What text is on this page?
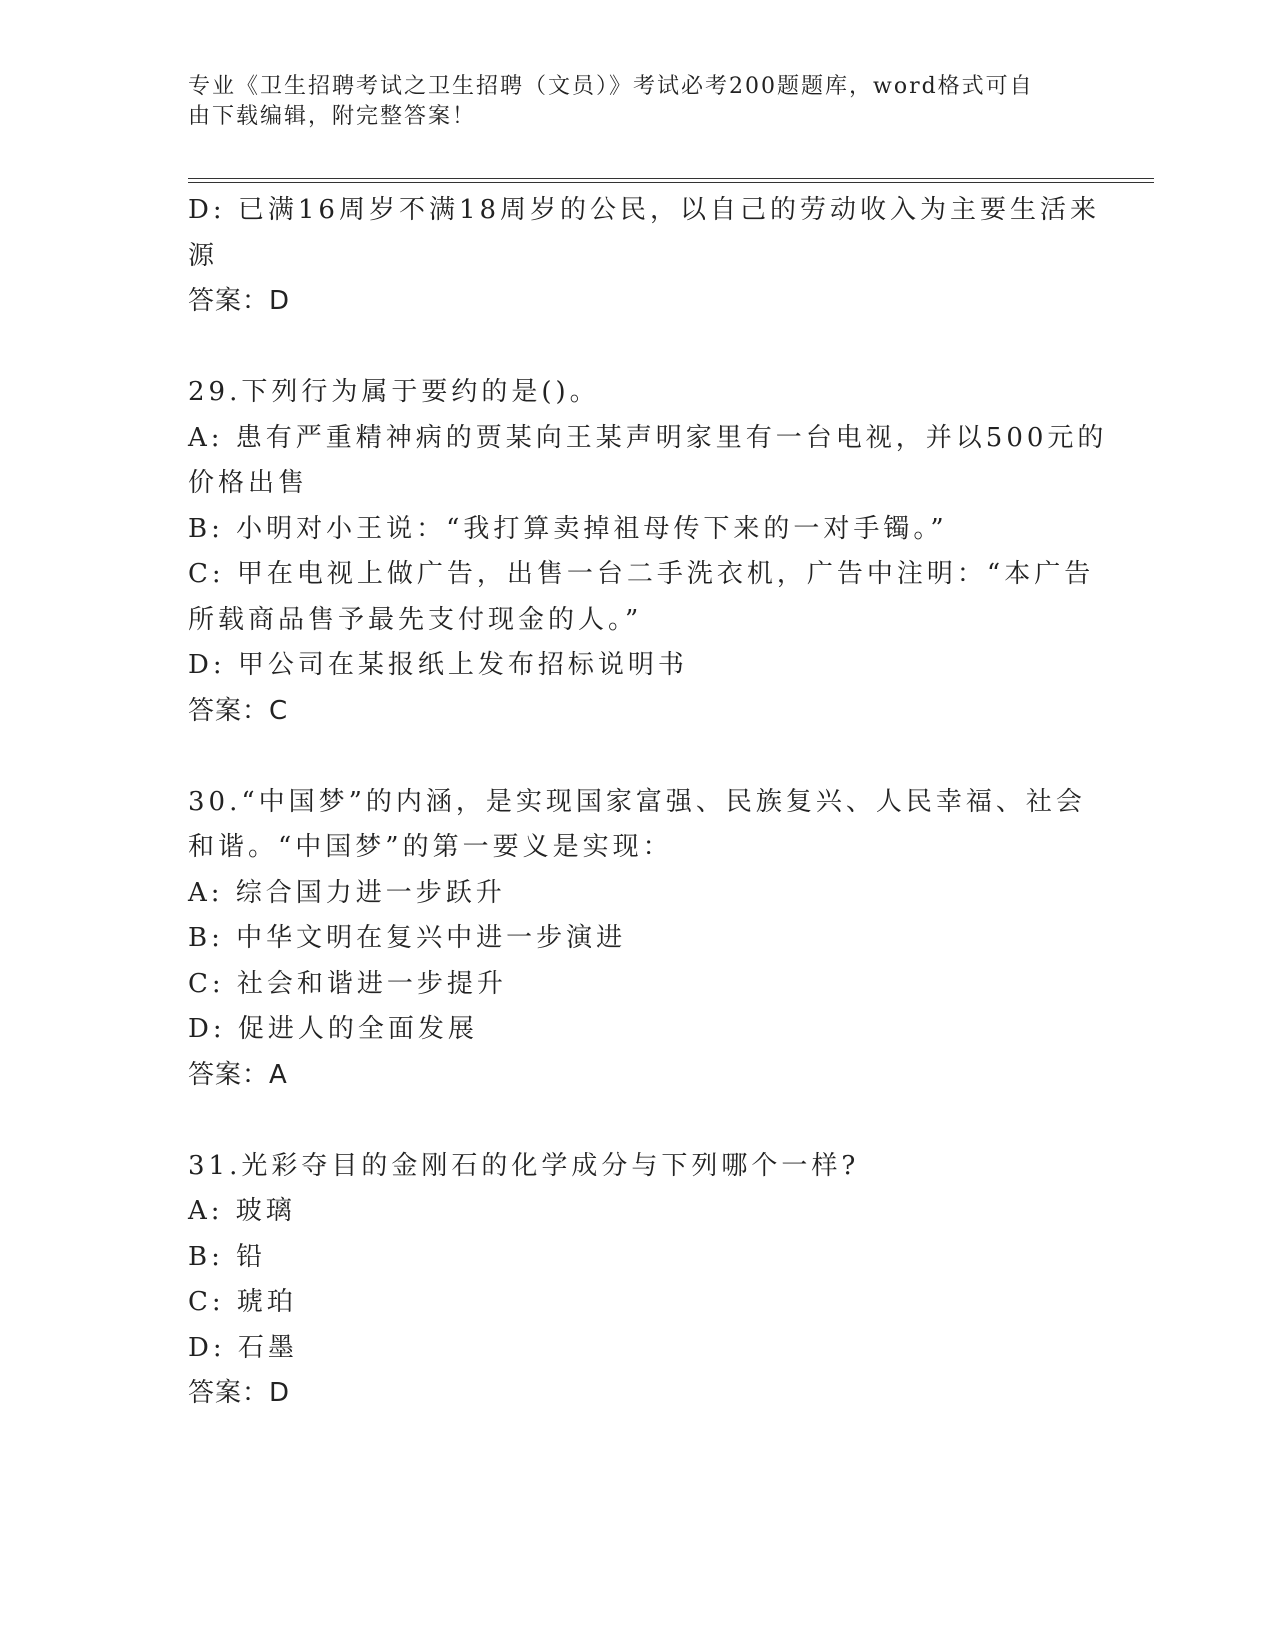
专业《卫生招聘考试之卫生招聘（文员）》考试必考200题题库，word格式可自
由下载编辑，附完整答案！
D: 已满16周岁不满18周岁的公民，以自己的劳动收入为主要生活来
源
答案：D
29.下列行为属于要约的是()。
A: 患有严重精神病的贾某向王某声明家里有一台电视，并以500元的
价格出售
B: 小明对小王说：“我打算卖掉祖母传下来的一对手镯。”
C: 甲在电视上做广告，出售一台二手洗衣机，广告中注明：“本广告
所载商品售予最先支付现金的人。”
D: 甲公司在某报纸上发布招标说明书
答案：C
30.“中国梦”的内涵，是实现国家富强、民族复兴、人民幸福、社会
和谐。“中国梦”的第一要义是实现：
A: 综合国力进一步跃升
B: 中华文明在复兴中进一步演进
C: 社会和谐进一步提升
D: 促进人的全面发展
答案：A
31.光彩夺目的金刚石的化学成分与下列哪个一样?
A: 玻璃
B: 铅
C: 琥珀
D: 石墨
答案：D
